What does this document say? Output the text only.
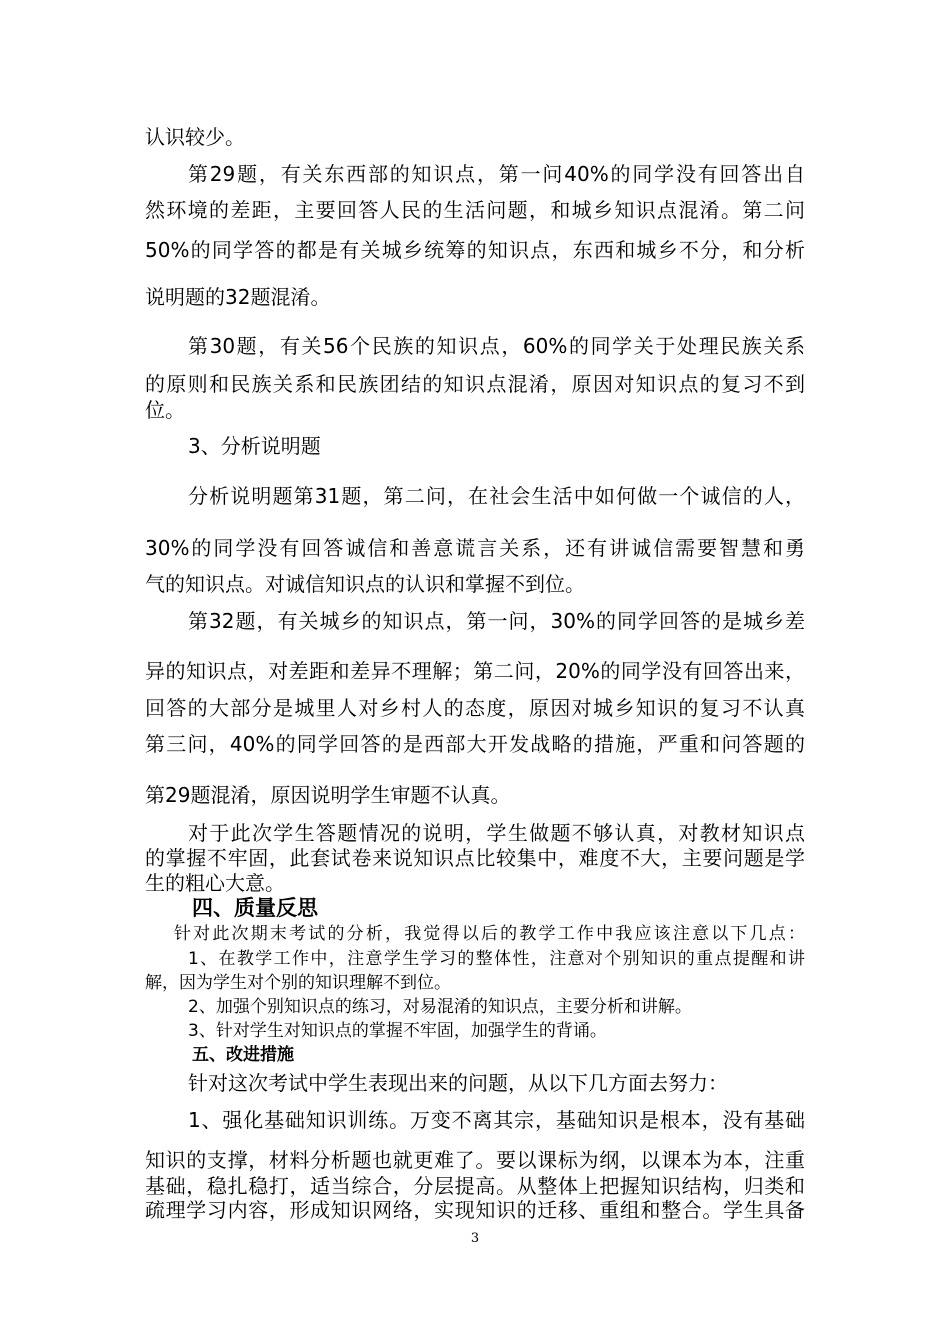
认识较少。

第29题，有关东西部的知识点，第一问40%的同学没有回答出自

然环境的差距，主要回答人民的生活问题，和城乡知识点混淆。第二问

50%的同学答的都是有关城乡统筹的知识点，东西和城乡不分，和分析

说明题的32题混淆。

第30题，有关56个民族的知识点，60%的同学关于处理民族关系

的原则和民族关系和民族团结的知识点混淆，原因对知识点的复习不到

位。

3、分析说明题

分析说明题第31题，第二问，在社会生活中如何做一个诚信的人，

30%的同学没有回答诚信和善意谎言关系，还有讲诚信需要智慧和勇

气的知识点。对诚信知识点的认识和掌握不到位。

第32题，有关城乡的知识点，第一问，30%的同学回答的是城乡差

异的知识点，对差距和差异不理解；第二问，20%的同学没有回答出来，

回答的大部分是城里人对乡村人的态度，原因对城乡知识的复习不认真

第三问，40%的同学回答的是西部大开发战略的措施，严重和问答题的

第29题混淆，原因说明学生审题不认真。

对于此次学生答题情况的说明，学生做题不够认真，对教材知识点

的掌握不牢固，此套试卷来说知识点比较集中，难度不大，主要问题是学

生的粗心大意。

四、质量反思

针对此次期末考试的分析，我觉得以后的教学工作中我应该注意以下几点：

1、在教学工作中，注意学生学习的整体性，注意对个别知识的重点提醒和讲

解，因为学生对个别的知识理解不到位。

2、加强个别知识点的练习，对易混淆的知识点，主要分析和讲解。

3、针对学生对知识点的掌握不牢固，加强学生的背诵。

五、改进措施

针对这次考试中学生表现出来的问题，从以下几方面去努力：

1、强化基础知识训练。万变不离其宗，基础知识是根本，没有基础

知识的支撑，材料分析题也就更难了。要以课标为纲，以课本为本，注重

基础，稳扎稳打，适当综合，分层提高。从整体上把握知识结构，归类和

疏理学习内容，形成知识网络，实现知识的迁移、重组和整合。学生具备

3
